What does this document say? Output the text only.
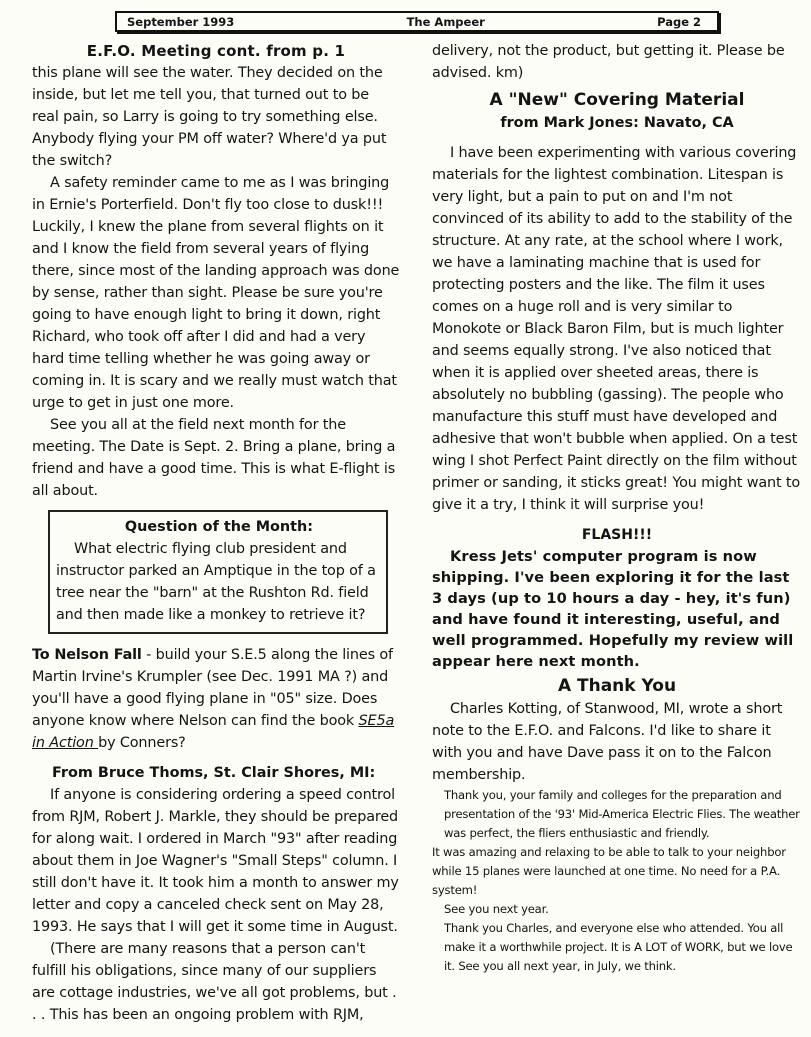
September 1993	The Ampeer	Page 2
E.F.O. Meeting cont. from p. 1

this plane will see the water. They decided on the inside, but let me tell you, that turned out to be real pain, so Larry is going to try something else. Anybody flying your PM off water? Where'd ya put the switch?

A safety reminder came to me as I was bringing in Ernie's Porterfield. Don't fly too close to dusk!!! Luckily, I knew the plane from several flights on it and I know the field from several years of flying there, since most of the landing approach was done by sense, rather than sight. Please be sure you're going to have enough light to bring it down, right Richard, who took off after I did and had a very hard time telling whether he was going away or coming in. It is scary and we really must watch that urge to get in just one more.

See you all at the field next month for the meeting. The Date is Sept. 2. Bring a plane, bring a friend and have a good time. This is what E-flight is all about.

Question of the Month:

What electric flying club president and instructor parked an Amptique in the top of a tree near the "barn" at the Rushton Rd. field and then made like a monkey to retrieve it?

To Nelson Fall - build your S.E.5 along the lines of Martin Irvine's Krumpler (see Dec. 1991 MA ?) and you'll have a good flying plane in "05" size. Does anyone know where Nelson can find the book SE5a in Action by Conners?

From Bruce Thoms, St. Clair Shores, MI:

If anyone is considering ordering a speed control from RJM, Robert J. Markle, they should be prepared for along wait. I ordered in March "93" after reading about them in Joe Wagner's "Small Steps" column. I still don't have it. It took him a month to answer my letter and copy a canceled check sent on May 28, 1993. He says that I will get it some time in August.

(There are many reasons that a person can't fulfill his obligations, since many of our suppliers are cottage industries, we've all got problems, but . . . This has been an ongoing problem with RJM,

delivery, not the product, but getting it. Please be advised. km)

A "New" Covering Material
from Mark Jones: Navato, CA

I have been experimenting with various covering materials for the lightest combination. Litespan is very light, but a pain to put on and I'm not convinced of its ability to add to the stability of the structure. At any rate, at the school where I work, we have a laminating machine that is used for protecting posters and the like. The film it uses comes on a huge roll and is very similar to Monokote or Black Baron Film, but is much lighter and seems equally strong. I've also noticed that when it is applied over sheeted areas, there is absolutely no bubbling (gassing). The people who manufacture this stuff must have developed and adhesive that won't bubble when applied. On a test wing I shot Perfect Paint directly on the film without primer or sanding, it sticks great! You might want to give it a try, I think it will surprise you!

FLASH!!!

Kress Jets' computer program is now shipping. I've been exploring it for the last 3 days (up to 10 hours a day - hey, it's fun) and have found it interesting, useful, and well programmed. Hopefully my review will appear here next month.

A Thank You

Charles Kotting, of Stanwood, MI, wrote a short note to the E.F.O. and Falcons. I'd like to share it with you and have Dave pass it on to the Falcon membership.

Thank you, your family and colleges for the preparation and presentation of the '93' Mid-America Electric Flies. The weather was perfect, the fliers enthusiastic and friendly.

It was amazing and relaxing to be able to talk to your neighbor while 15 planes were launched at one time. No need for a P.A. system!

See you next year.

Thank you Charles, and everyone else who attended. You all make it a worthwhile project. It is A LOT of WORK, but we love it. See you all next year, in July, we think.
